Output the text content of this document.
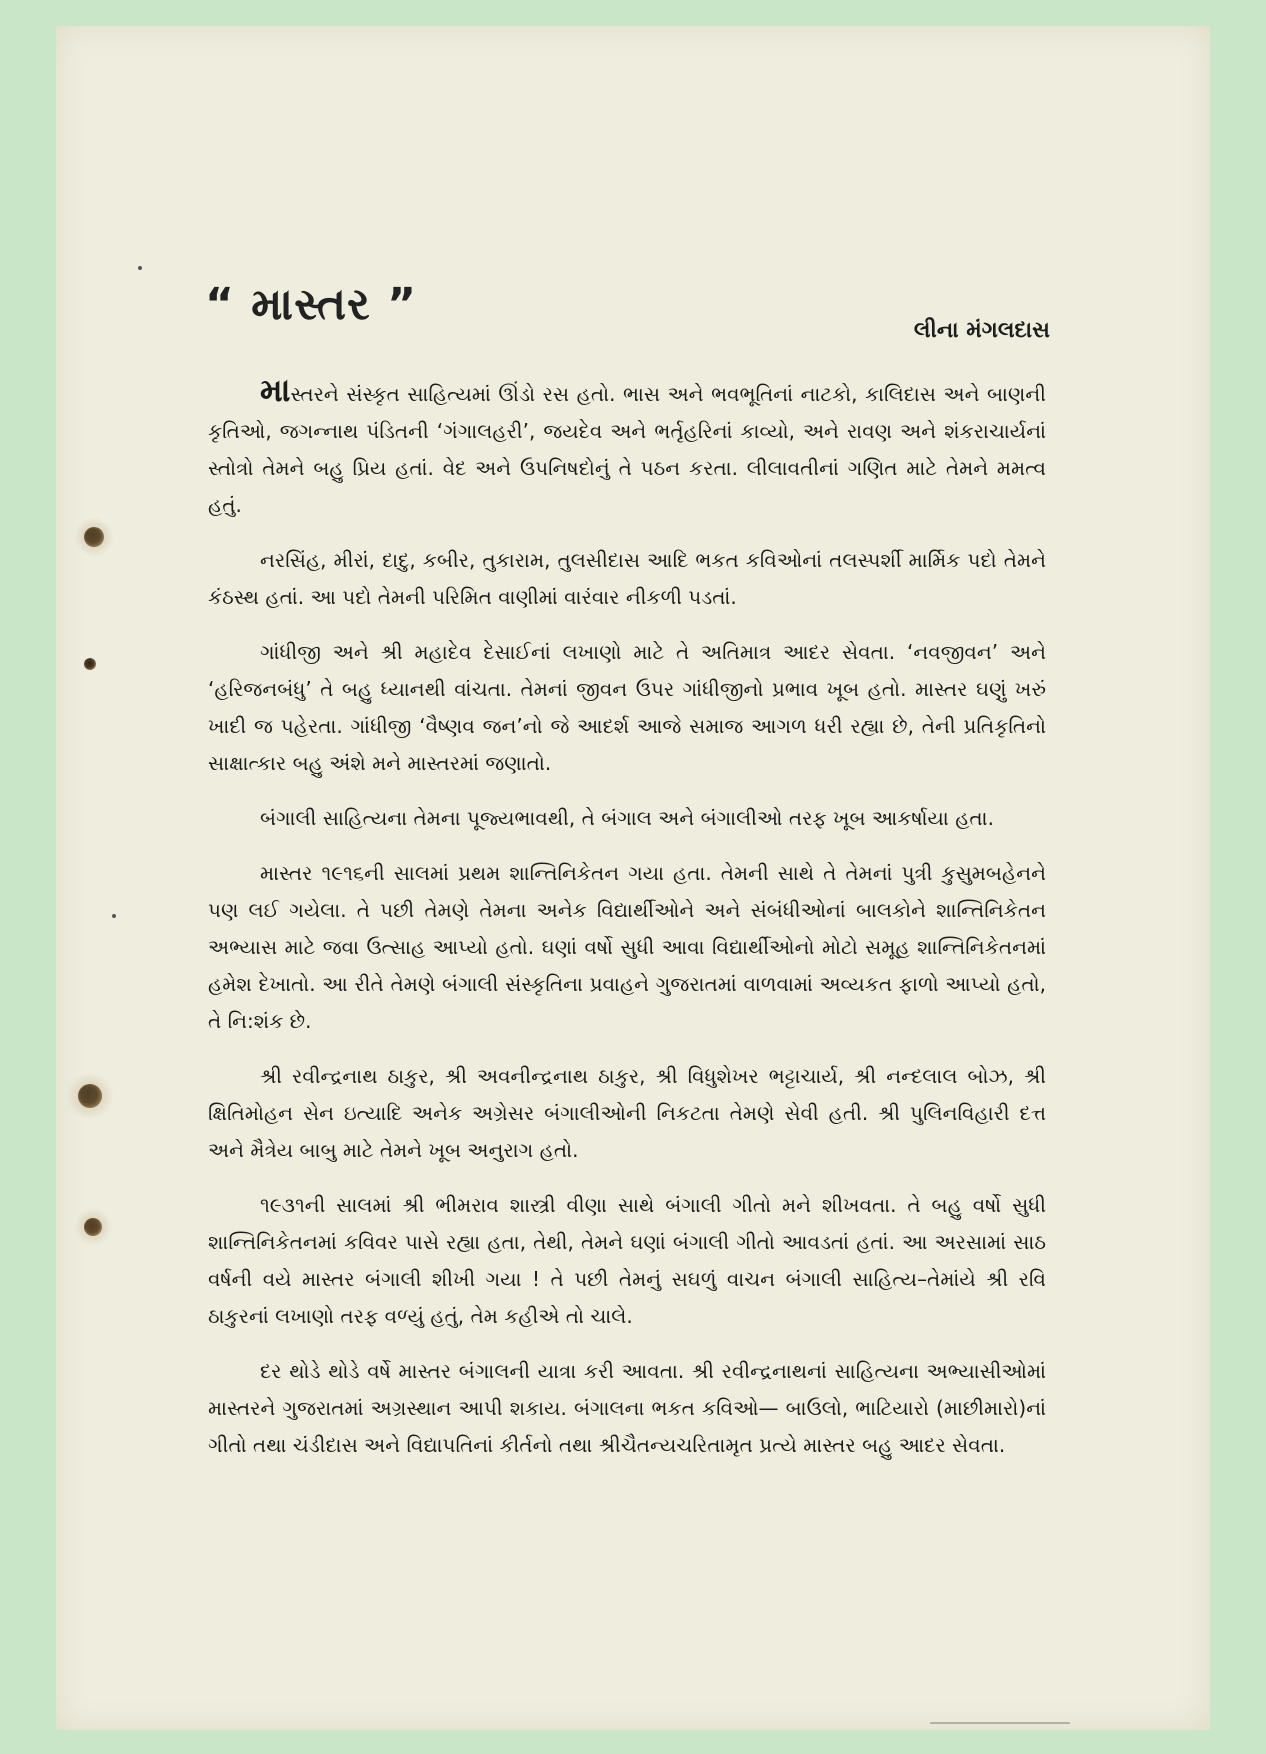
“ માસ્તર ”
લીના મંગલદાસ

માસ્તરને સંસ્કૃત સાહિત્યમાં ઊંડો રસ હતો. ભાસ અને ભવભૂતિનાં નાટકો, કાલિદાસ અને બાણની કૃતિઓ, જગન્નાથ પંડિતની ‘ગંગાલહરી’, જયદેવ અને ભર્તૃહરિનાં કાવ્યો, અને રાવણ અને શંકરાચાર્યનાં સ્તોત્રો તેમને બહુ પ્રિય હતાં. વેદ અને ઉપનિષદોનું તે પઠન કરતા. લીલાવતીનાં ગણિત માટે તેમને મમત્વ હતું.

નરસિંહ, મીરાં, દાદુ, કબીર, તુકારામ, તુલસીદાસ આદિ ભકત કવિઓનાં તલસ્પર્શી માર્મિક પદો તેમને કંઠસ્થ હતાં. આ પદો તેમની પરિમિત વાણીમાં વારંવાર નીકળી પડતાં.

ગાંધીજી અને શ્રી મહાદેવ દેસાઈનાં લખાણો માટે તે અતિમાત્ર આદર સેવતા. ‘નવજીવન’ અને ‘હરિજનબંધુ’ તે બહુ ધ્યાનથી વાંચતા. તેમનાં જીવન ઉપર ગાંધીજીનો પ્રભાવ ખૂબ હતો. માસ્તર ઘણું ખરું ખાદી જ પહેરતા. ગાંધીજી ‘વૈષ્ણવ જન’નો જે આદર્શ આજે સમાજ આગળ ધરી રહ્યા છે, તેની પ્રતિકૃતિનો સાક્ષાત્કાર બહુ અંશે મને માસ્તરમાં જણાતો.

બંગાલી સાહિત્યના તેમના પૂજ્યભાવથી, તે બંગાલ અને બંગાલીઓ તરફ ખૂબ આકર્ષાયા હતા.

માસ્તર ૧૯૧૬ની સાલમાં પ્રથમ શાન્તિનિકેતન ગયા હતા. તેમની સાથે તે તેમનાં પુત્રી કુસુમબહેનને પણ લઈ ગયેલા. તે પછી તેમણે તેમના અનેક વિદ્યાર્થીઓને અને સંબંધીઓનાં બાલકોને શાન્તિનિકેતન અભ્યાસ માટે જવા ઉત્સાહ આપ્યો હતો. ઘણાં વર્ષો સુધી આવા વિદ્યાર્થીઓનો મોટો સમૂહ શાન્તિનિકેતનમાં હમેશ દેખાતો. આ રીતે તેમણે બંગાલી સંસ્કૃતિના પ્રવાહને ગુજરાતમાં વાળવામાં અવ્યકત ફાળો આપ્યો હતો, તે નિ:શંક છે.

શ્રી રવીન્દ્રનાથ ઠાકુર, શ્રી અવનીન્દ્રનાથ ઠાકુર, શ્રી વિધુશેખર ભટ્ટાચાર્ય, શ્રી નન્દલાલ બોઝ, શ્રી ક્ષિતિમોહન સેન ઇત્યાદિ અનેક અગ્રેસર બંગાલીઓની નિકટતા તેમણે સેવી હતી. શ્રી પુલિનવિહારી દત્ત અને મૈત્રેય બાબુ માટે તેમને ખૂબ અનુરાગ હતો.

૧૯૩૧ની સાલમાં શ્રી ભીમરાવ શાસ્ત્રી વીણા સાથે બંગાલી ગીતો મને શીખવતા. તે બહુ વર્ષો સુધી શાન્તિનિકેતનમાં કવિવર પાસે રહ્યા હતા, તેથી, તેમને ઘણાં બંગાલી ગીતો આવડતાં હતાં. આ અરસામાં સાઠ વર્ષની વયે માસ્તર બંગાલી શીખી ગયા ! તે પછી તેમનું સઘળું વાચન બંગાલી સાહિત્ય–તેમાંયે શ્રી રવિ ઠાકુરનાં લખાણો તરફ વળ્યું હતું, તેમ કહીએ તો ચાલે.

દર થોડે થોડે વર્ષે માસ્તર બંગાલની યાત્રા કરી આવતા. શ્રી રવીન્દ્રનાથનાં સાહિત્યના અભ્યાસીઓમાં માસ્તરને ગુજરાતમાં અગ્રસ્થાન આપી શકાય. બંગાલના ભકત કવિઓ— બાઉલો, ભાટિયારો (માછીમારો)નાં ગીતો તથા ચંડીદાસ અને વિદ્યાપતિનાં કીર્તનો તથા શ્રીચૈતન્યચરિતામૃત પ્રત્યે માસ્તર બહુ આદર સેવતા.
